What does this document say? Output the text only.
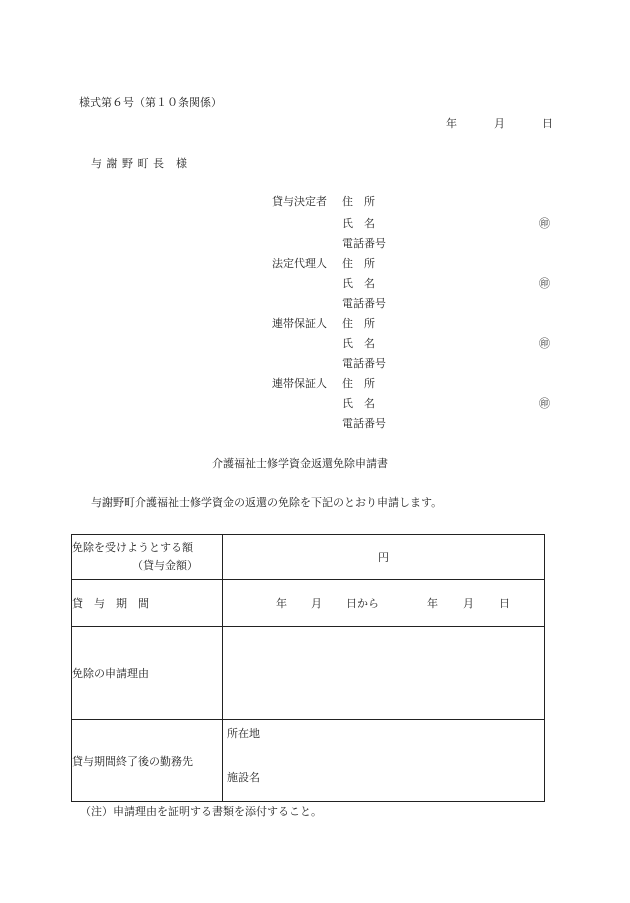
様式第６号（第１０条関係）
年	月	日
与 謝 野 町 長　様
貸与決定者 住　所
氏　名	㊞
電話番号
法定代理人 住　所
氏　名	㊞
電話番号
連帯保証人 住　所
氏　名	㊞
電話番号
連帯保証人 住　所
氏　名	㊞
電話番号
介護福祉士修学資金返還免除申請書
与謝野町介護福祉士修学資金の返還の免除を下記のとおり申請します。
免除を受けようとする額
（貸与金額）	円
貸　与　期　間	年 月 日から 年 月 日

免除の申請理由	
貸与期間終了後の勤務先	所在地
施設名
（注）申請理由を証明する書類を添付すること。
